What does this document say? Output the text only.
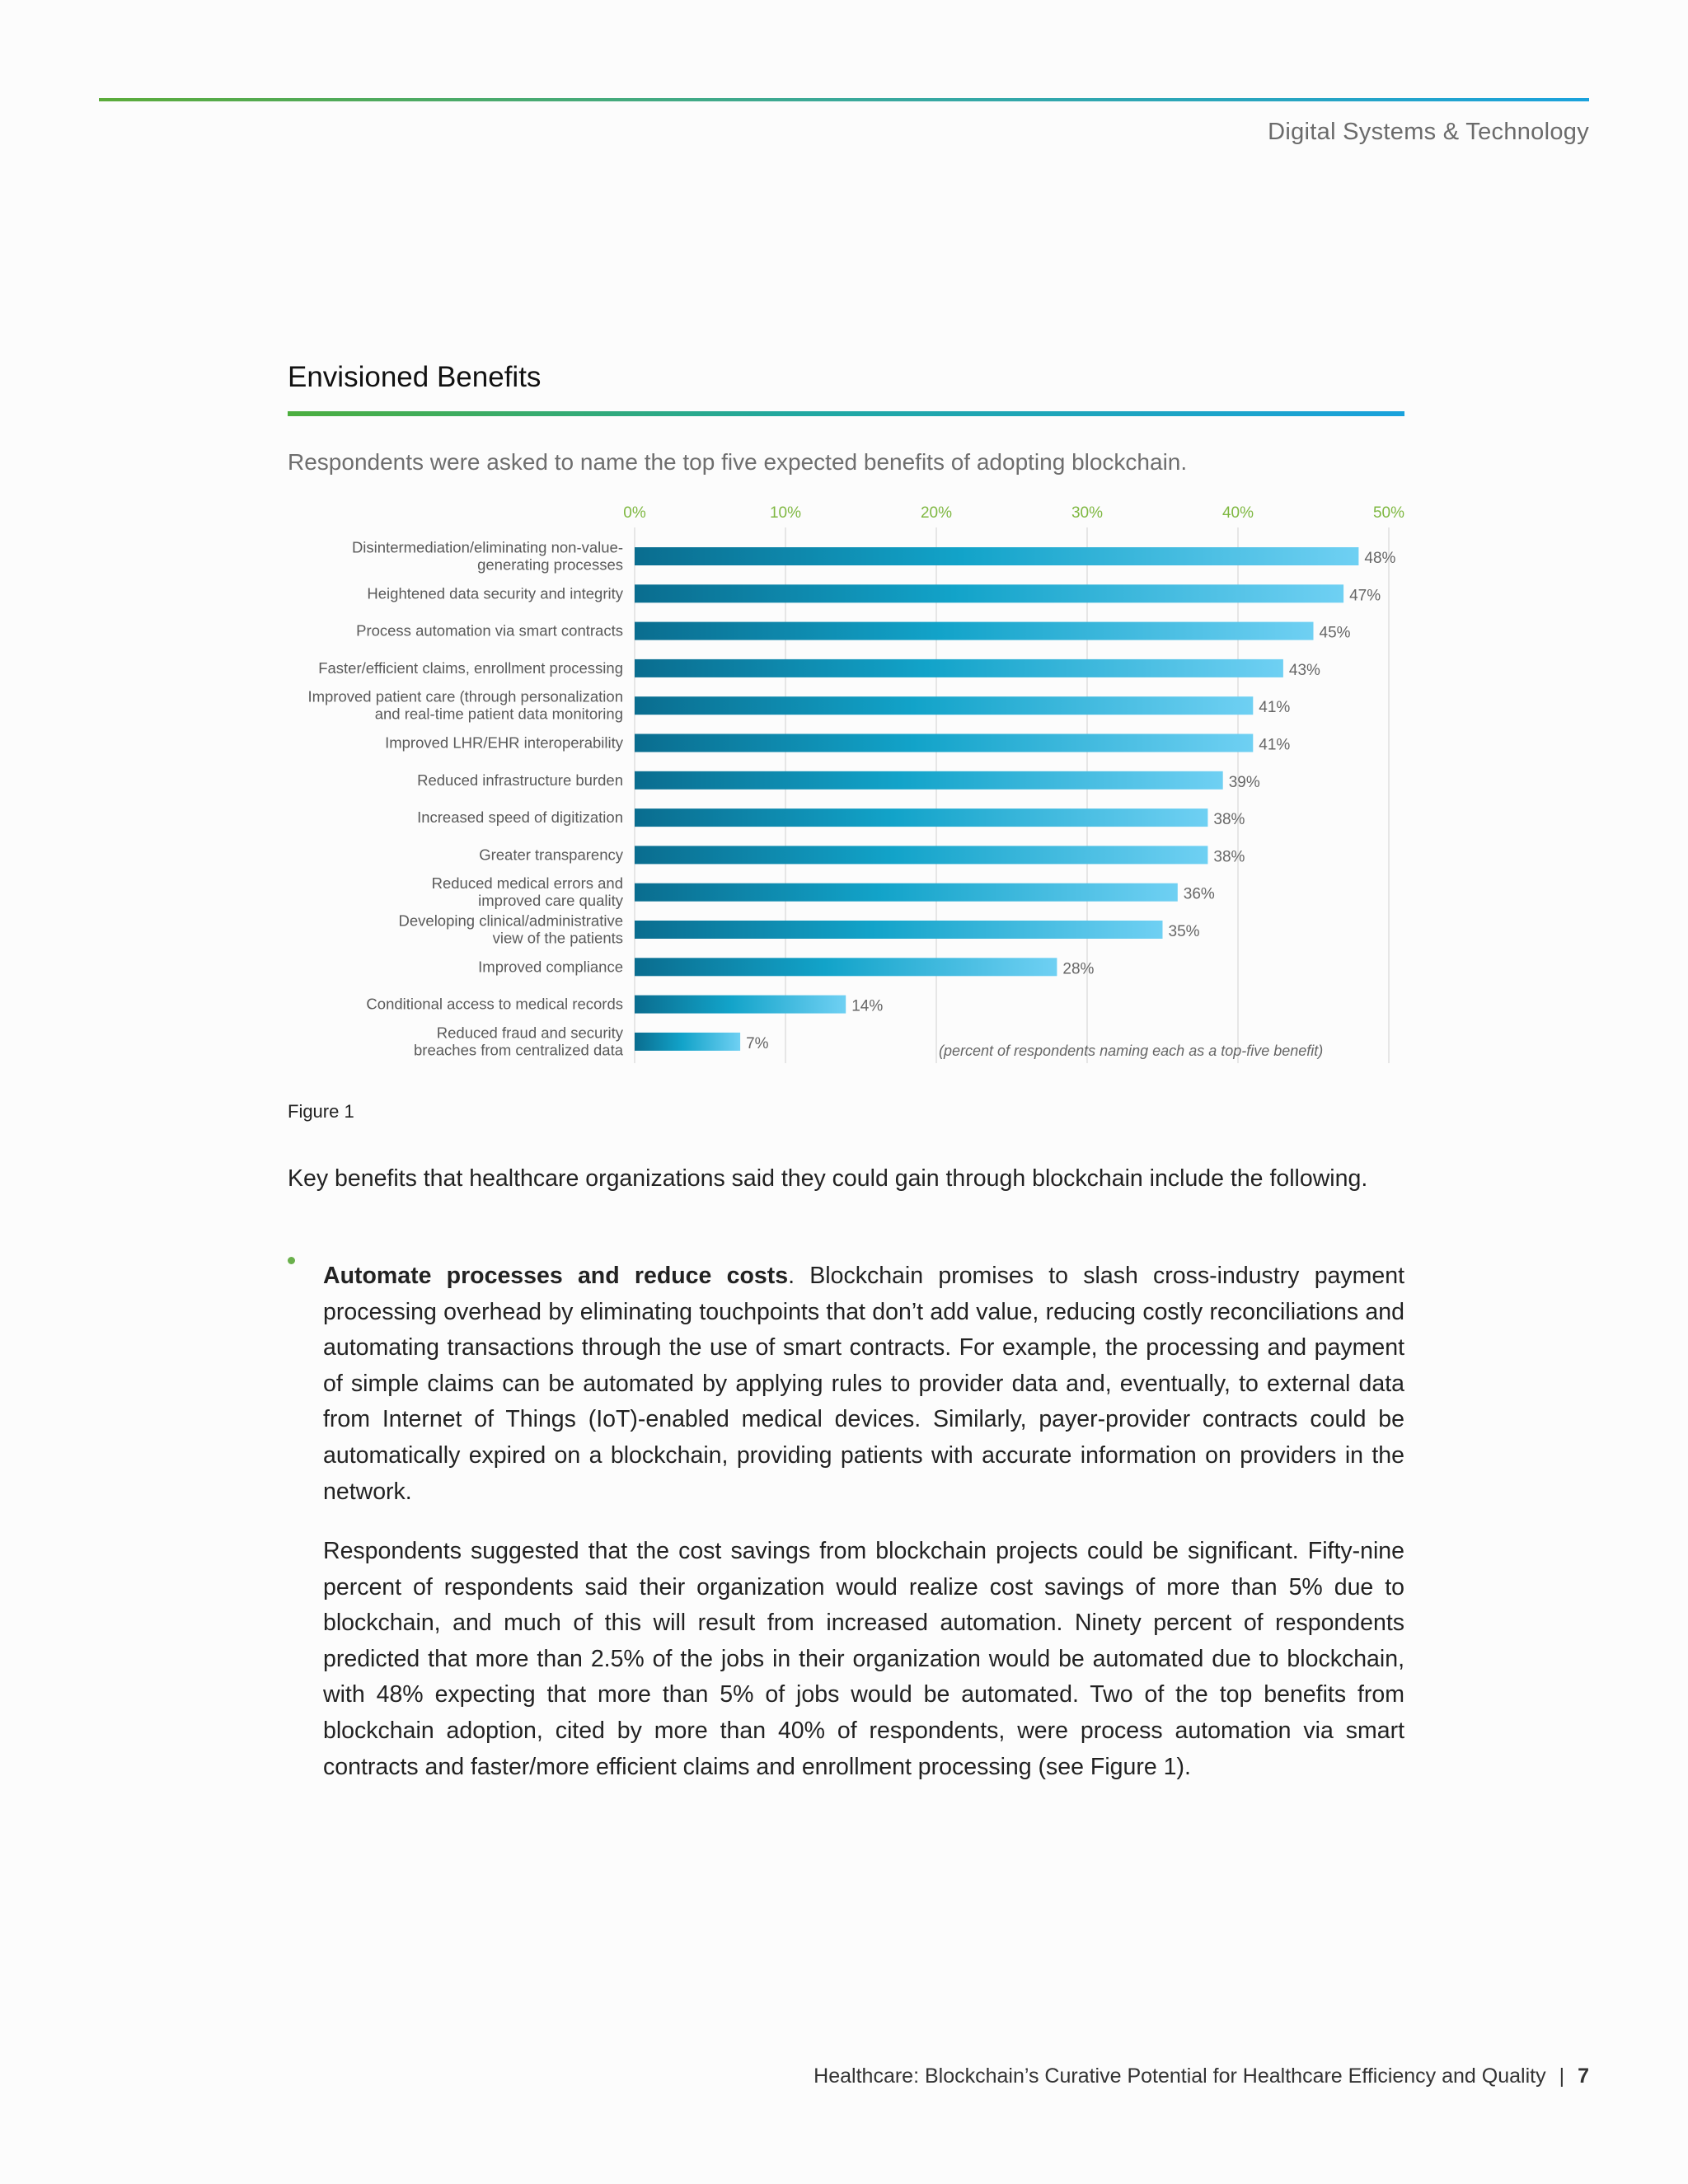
Digital Systems & Technology
Envisioned Benefits
Respondents were asked to name the top five expected benefits of adopting blockchain.
0%	10%	20%	30%	40%	50%
Disintermediation/eliminating non-value-generating processes	48%
Heightened data security and integrity	47%
Process automation via smart contracts	45%
Faster/efficient claims, enrollment processing	43%
Improved patient care (through personalization and real-time patient data monitoring	41%
Improved LHR/EHR interoperability	41%
Reduced infrastructure burden	39%
Increased speed of digitization	38%
Greater transparency	38%
Reduced medical errors and improved care quality	36%
Developing clinical/administrative view of the patients	35%
Improved compliance	28%
Conditional access to medical records	14%
Reduced fraud and security breaches from centralized data	7%	(percent of respondents naming each as a top-five benefit)
Figure 1
Key benefits that healthcare organizations said they could gain through blockchain include the following.
Automate processes and reduce costs. Blockchain promises to slash cross-industry payment processing overhead by eliminating touchpoints that don’t add value, reducing costly reconciliations and automating transactions through the use of smart contracts. For example, the processing and payment of simple claims can be automated by applying rules to provider data and, eventually, to external data from Internet of Things (IoT)-enabled medical devices. Similarly, payer-provider contracts could be automatically expired on a blockchain, providing patients with accurate information on providers in the network.
Respondents suggested that the cost savings from blockchain projects could be significant. Fifty-nine percent of respondents said their organization would realize cost savings of more than 5% due to blockchain, and much of this will result from increased automation. Ninety percent of respondents predicted that more than 2.5% of the jobs in their organization would be automated due to blockchain, with 48% expecting that more than 5% of jobs would be automated. Two of the top benefits from blockchain adoption, cited by more than 40% of respondents, were process automation via smart contracts and faster/more efficient claims and enrollment processing (see Figure 1).
Healthcare: Blockchain’s Curative Potential for Healthcare Efficiency and Quality | 7
